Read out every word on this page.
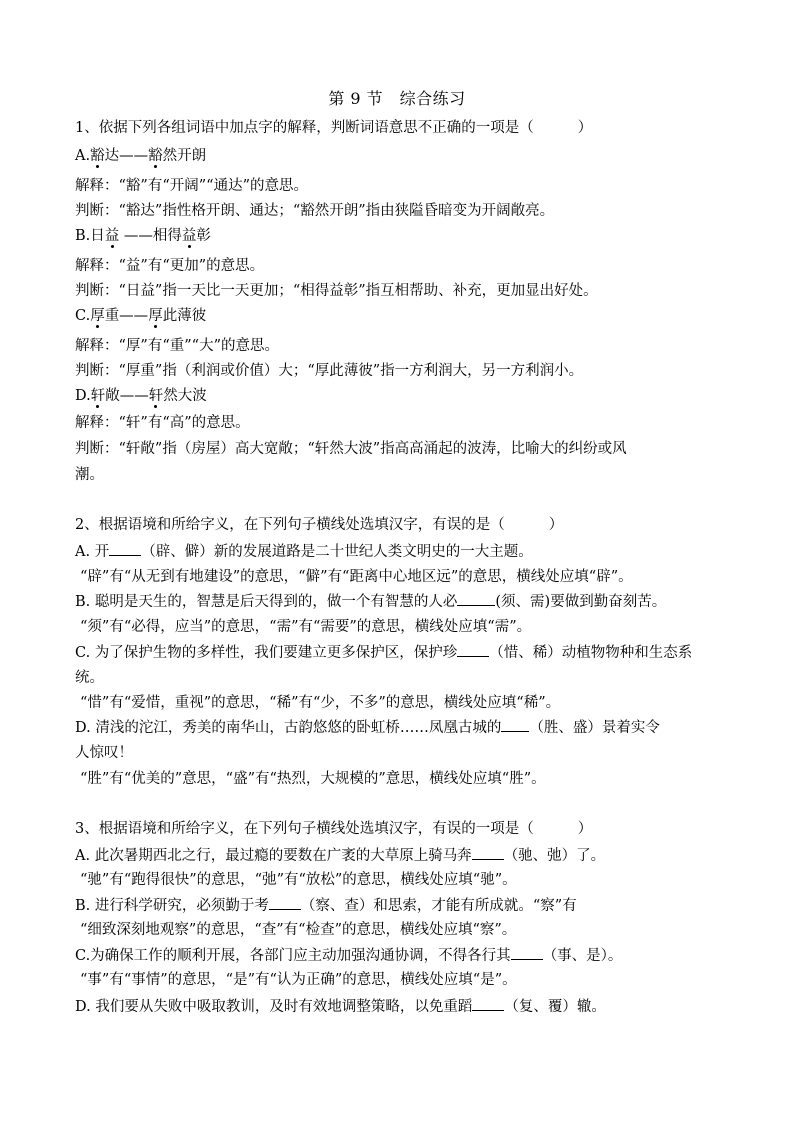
第 9 节　综合练习
1、依据下列各组词语中加点字的解释，判断词语意思不正确的一项是（	）
A.豁达——豁然开朗
解释：“豁”有“开阔”“通达”的意思。
判断：“豁达”指性格开朗、通达；“豁然开朗”指由狭隘昏暗变为开阔敞亮。
B.日益 ——相得益彰
解释：“益”有“更加”的意思。
判断：“日益”指一天比一天更加；“相得益彰”指互相帮助、补充，更加显出好处。
C.厚重——厚此薄彼
解释：“厚”有“重”“大”的意思。
判断：“厚重”指（利润或价值）大；“厚此薄彼”指一方利润大，另一方利润小。
D.轩敞——轩然大波
解释：“轩”有“高”的意思。
判断：“轩敞”指（房屋）高大宽敞；“轩然大波”指高高涌起的波涛，比喻大的纠纷或风
潮。
2、根据语境和所给字义，在下列句子横线处选填汉字，有误的是（	）
A. 开 （辟、僻）新的发展道路是二十世纪人类文明史的一大主题。
“辟”有“从无到有地建设”的意思，“僻”有“距离中心地区远”的意思，横线处应填“辟”。
B. 聪明是天生的，智慧是后天得到的，做一个有智慧的人必	(须、需)要做到勤奋刻苦。
“须”有“必得，应当”的意思，“需”有“需要”的意思，横线处应填“需”。
C. 为了保护生物的多样性，我们要建立更多保护区，保护珍 （惜、稀）动植物物种和生态系
统。
“惜”有“爱惜，重视”的意思，“稀”有“少，不多”的意思，横线处应填“稀”。
D. 清浅的沱江，秀美的南华山，古韵悠悠的卧虹桥……凤凰古城的 （胜、盛）景着实令
人惊叹！
“胜”有“优美的”意思，“盛”有“热烈，大规模的”意思，横线处应填“胜”。
3、根据语境和所给字义，在下列句子横线处选填汉字，有误的一项是（	）
A. 此次暑期西北之行，最过瘾的要数在广袤的大草原上骑马奔 （驰、弛）了。
“驰”有“跑得很快”的意思，“弛”有“放松”的意思，横线处应填“驰”。
B. 进行科学研究，必须勤于考 （察、查）和思索，才能有所成就。“察”有
“细致深刻地观察”的意思，“查”有“检查”的意思，横线处应填“察”。
C.为确保工作的顺利开展，各部门应主动加强沟通协调，不得各行其 （事、是）。
“事”有“事情”的意思，“是”有“认为正确”的意思，横线处应填“是”。
D. 我们要从失败中吸取教训，及时有效地调整策略，以免重蹈 （复、覆）辙。
